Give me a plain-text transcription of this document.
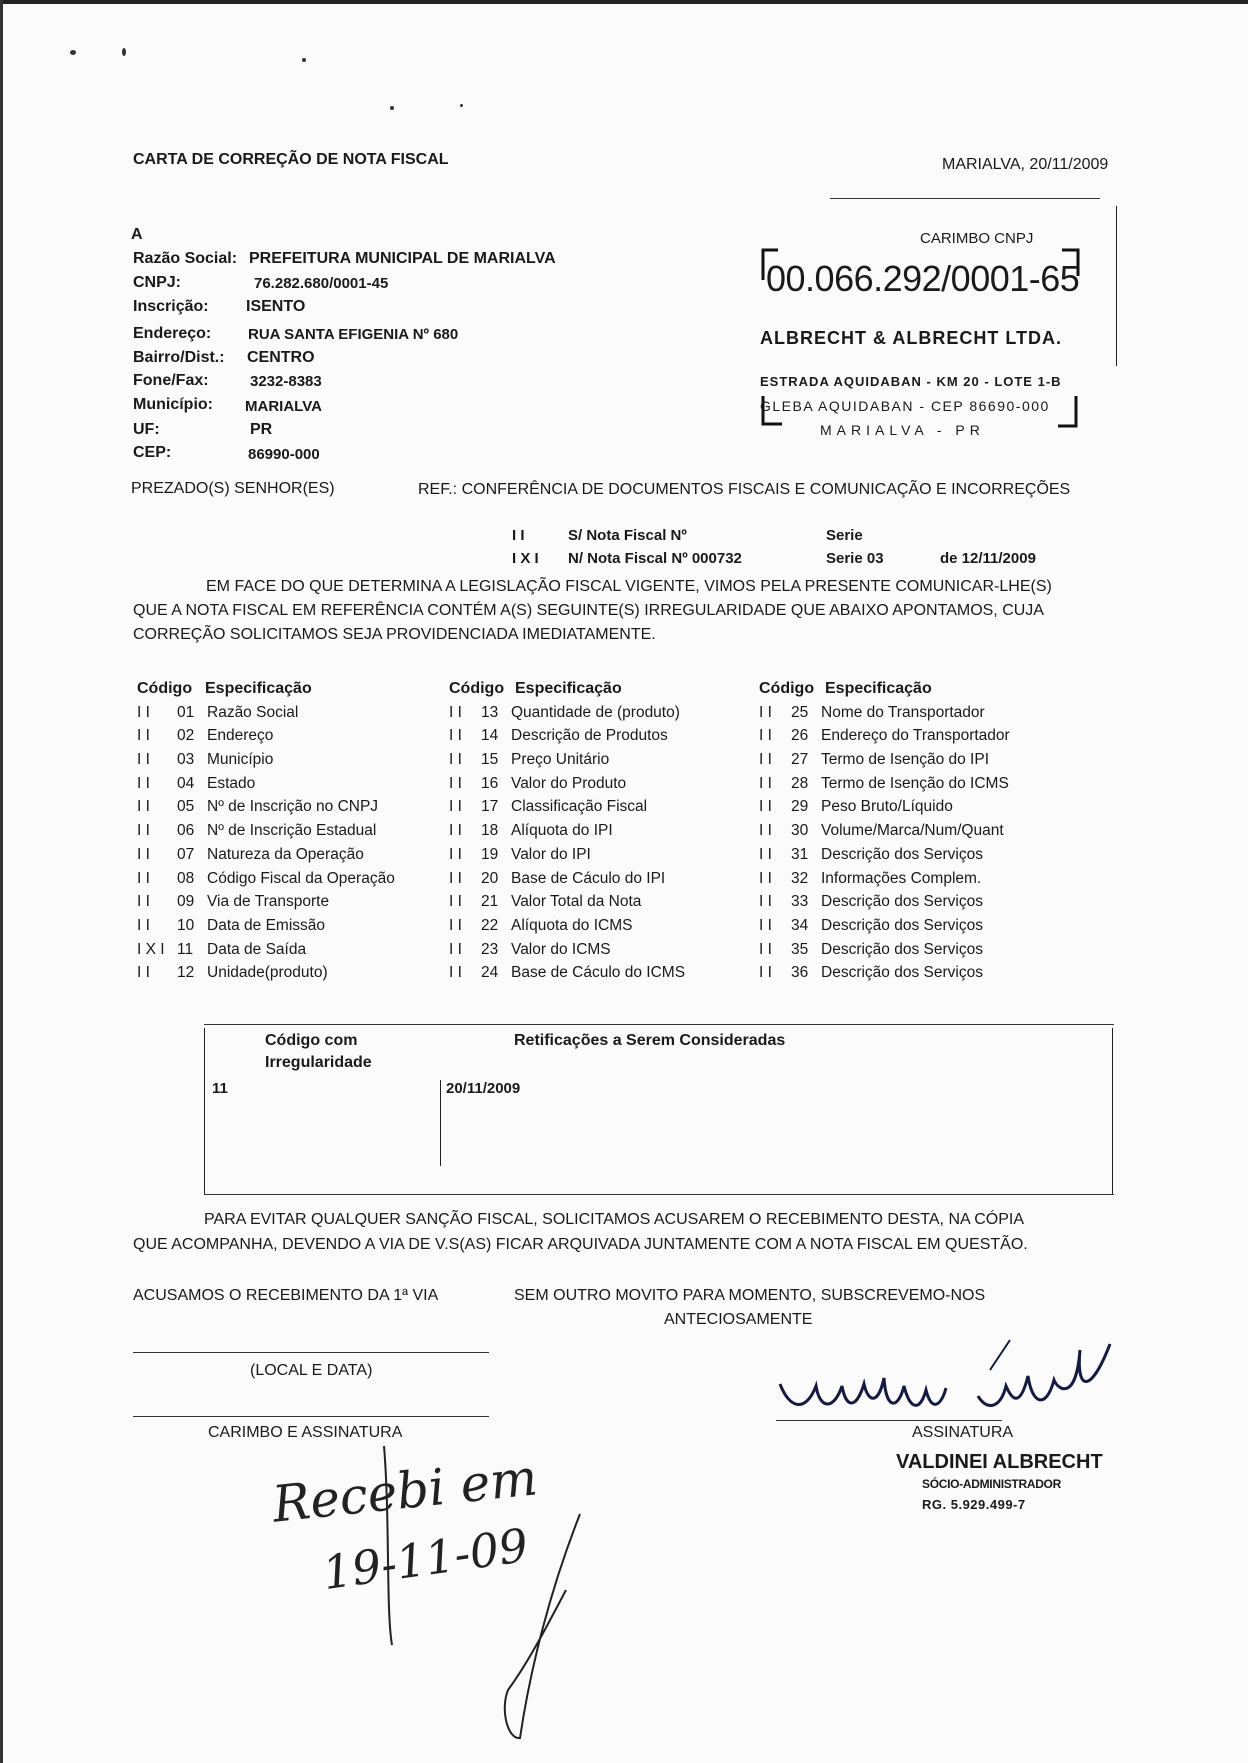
CARTA DE CORREÇÃO DE NOTA FISCAL	MARIALVA, 20/11/2009
A
Razão Social: PREFEITURA MUNICIPAL DE MARIALVA
CNPJ:	76.282.680/0001-45
Inscrição: ISENTO
Endereço: RUA SANTA EFIGENIA Nº 680
Bairro/Dist.: CENTRO
Fone/Fax:	3232-8383
Município: MARIALVA
UF:	PR
CEP:	86990-000
CARIMBO CNPJ
00.066.292/0001-65
ALBRECHT & ALBRECHT LTDA.
ESTRADA AQUIDABAN - KM 20 - LOTE 1-B
GLEBA AQUIDABAN - CEP 86690-000
MARIALVA - PR
PREZADO(S) SENHOR(ES)	REF.: CONFERÊNCIA DE DOCUMENTOS FISCAIS E COMUNICAÇÃO E INCORREÇÕES
I I	S/ Nota Fiscal Nº	Serie
I X I N/ Nota Fiscal Nº 000732	Serie 03	de 12/11/2009
EM FACE DO QUE DETERMINA A LEGISLAÇÃO FISCAL VIGENTE, VIMOS PELA PRESENTE COMUNICAR-LHE(S)
QUE A NOTA FISCAL EM REFERÊNCIA CONTÉM A(S) SEGUINTE(S) IRREGULARIDADE QUE ABAIXO APONTAMOS, CUJA
CORREÇÃO SOLICITAMOS SEJA PROVIDENCIADA IMEDIATAMENTE.
Código Especificação
I I	01 Razão Social
I I	02 Endereço
I I	03 Município
I I	04 Estado
I I	05 Nº de Inscrição no CNPJ
I I	06 Nº de Inscrição Estadual
I I	07 Natureza da Operação
I I	08 Código Fiscal da Operação
I I	09 Via de Transporte
I I	10 Data de Emissão
I X I 11 Data de Saída
I I	12 Unidade(produto)
Código Especificação
I I	13 Quantidade de (produto)
I I	14 Descrição de Produtos
I I	15 Preço Unitário
I I	16 Valor do Produto
I I	17 Classificação Fiscal
I I	18 Alíquota do IPI
I I	19 Valor do IPI
I I	20 Base de Cáculo do IPI
I I	21 Valor Total da Nota
I I	22 Alíquota do ICMS
I I	23 Valor do ICMS
I I	24 Base de Cáculo do ICMS
Código Especificação
I I	25 Nome do Transportador
I I	26 Endereço do Transportador
I I	27 Termo de Isenção do IPI
I I	28 Termo de Isenção do ICMS
I I	29 Peso Bruto/Líquido
I I	30 Volume/Marca/Num/Quant
I I	31 Descrição dos Serviços
I I	32 Informações Complem.
I I	33 Descrição dos Serviços
I I	34 Descrição dos Serviços
I I	35 Descrição dos Serviços
I I	36 Descrição dos Serviços
Código com
Irregularidade
Retificações a Serem Consideradas
11	20/11/2009
PARA EVITAR QUALQUER SANÇÃO FISCAL, SOLICITAMOS ACUSAREM O RECEBIMENTO DESTA, NA CÓPIA
QUE ACOMPANHA, DEVENDO A VIA DE V.S(AS) FICAR ARQUIVADA JUNTAMENTE COM A NOTA FISCAL EM QUESTÃO.
ACUSAMOS O RECEBIMENTO DA 1ª VIA
(LOCAL E DATA)
CARIMBO E ASSINATURA
Recebi em
19-11-09
SEM OUTRO MOVITO PARA MOMENTO, SUBSCREVEMO-NOS
ANTECIOSAMENTE
ASSINATURA
VALDINEI ALBRECHT
SÓCIO-ADMINISTRADOR
RG. 5.929.499-7
